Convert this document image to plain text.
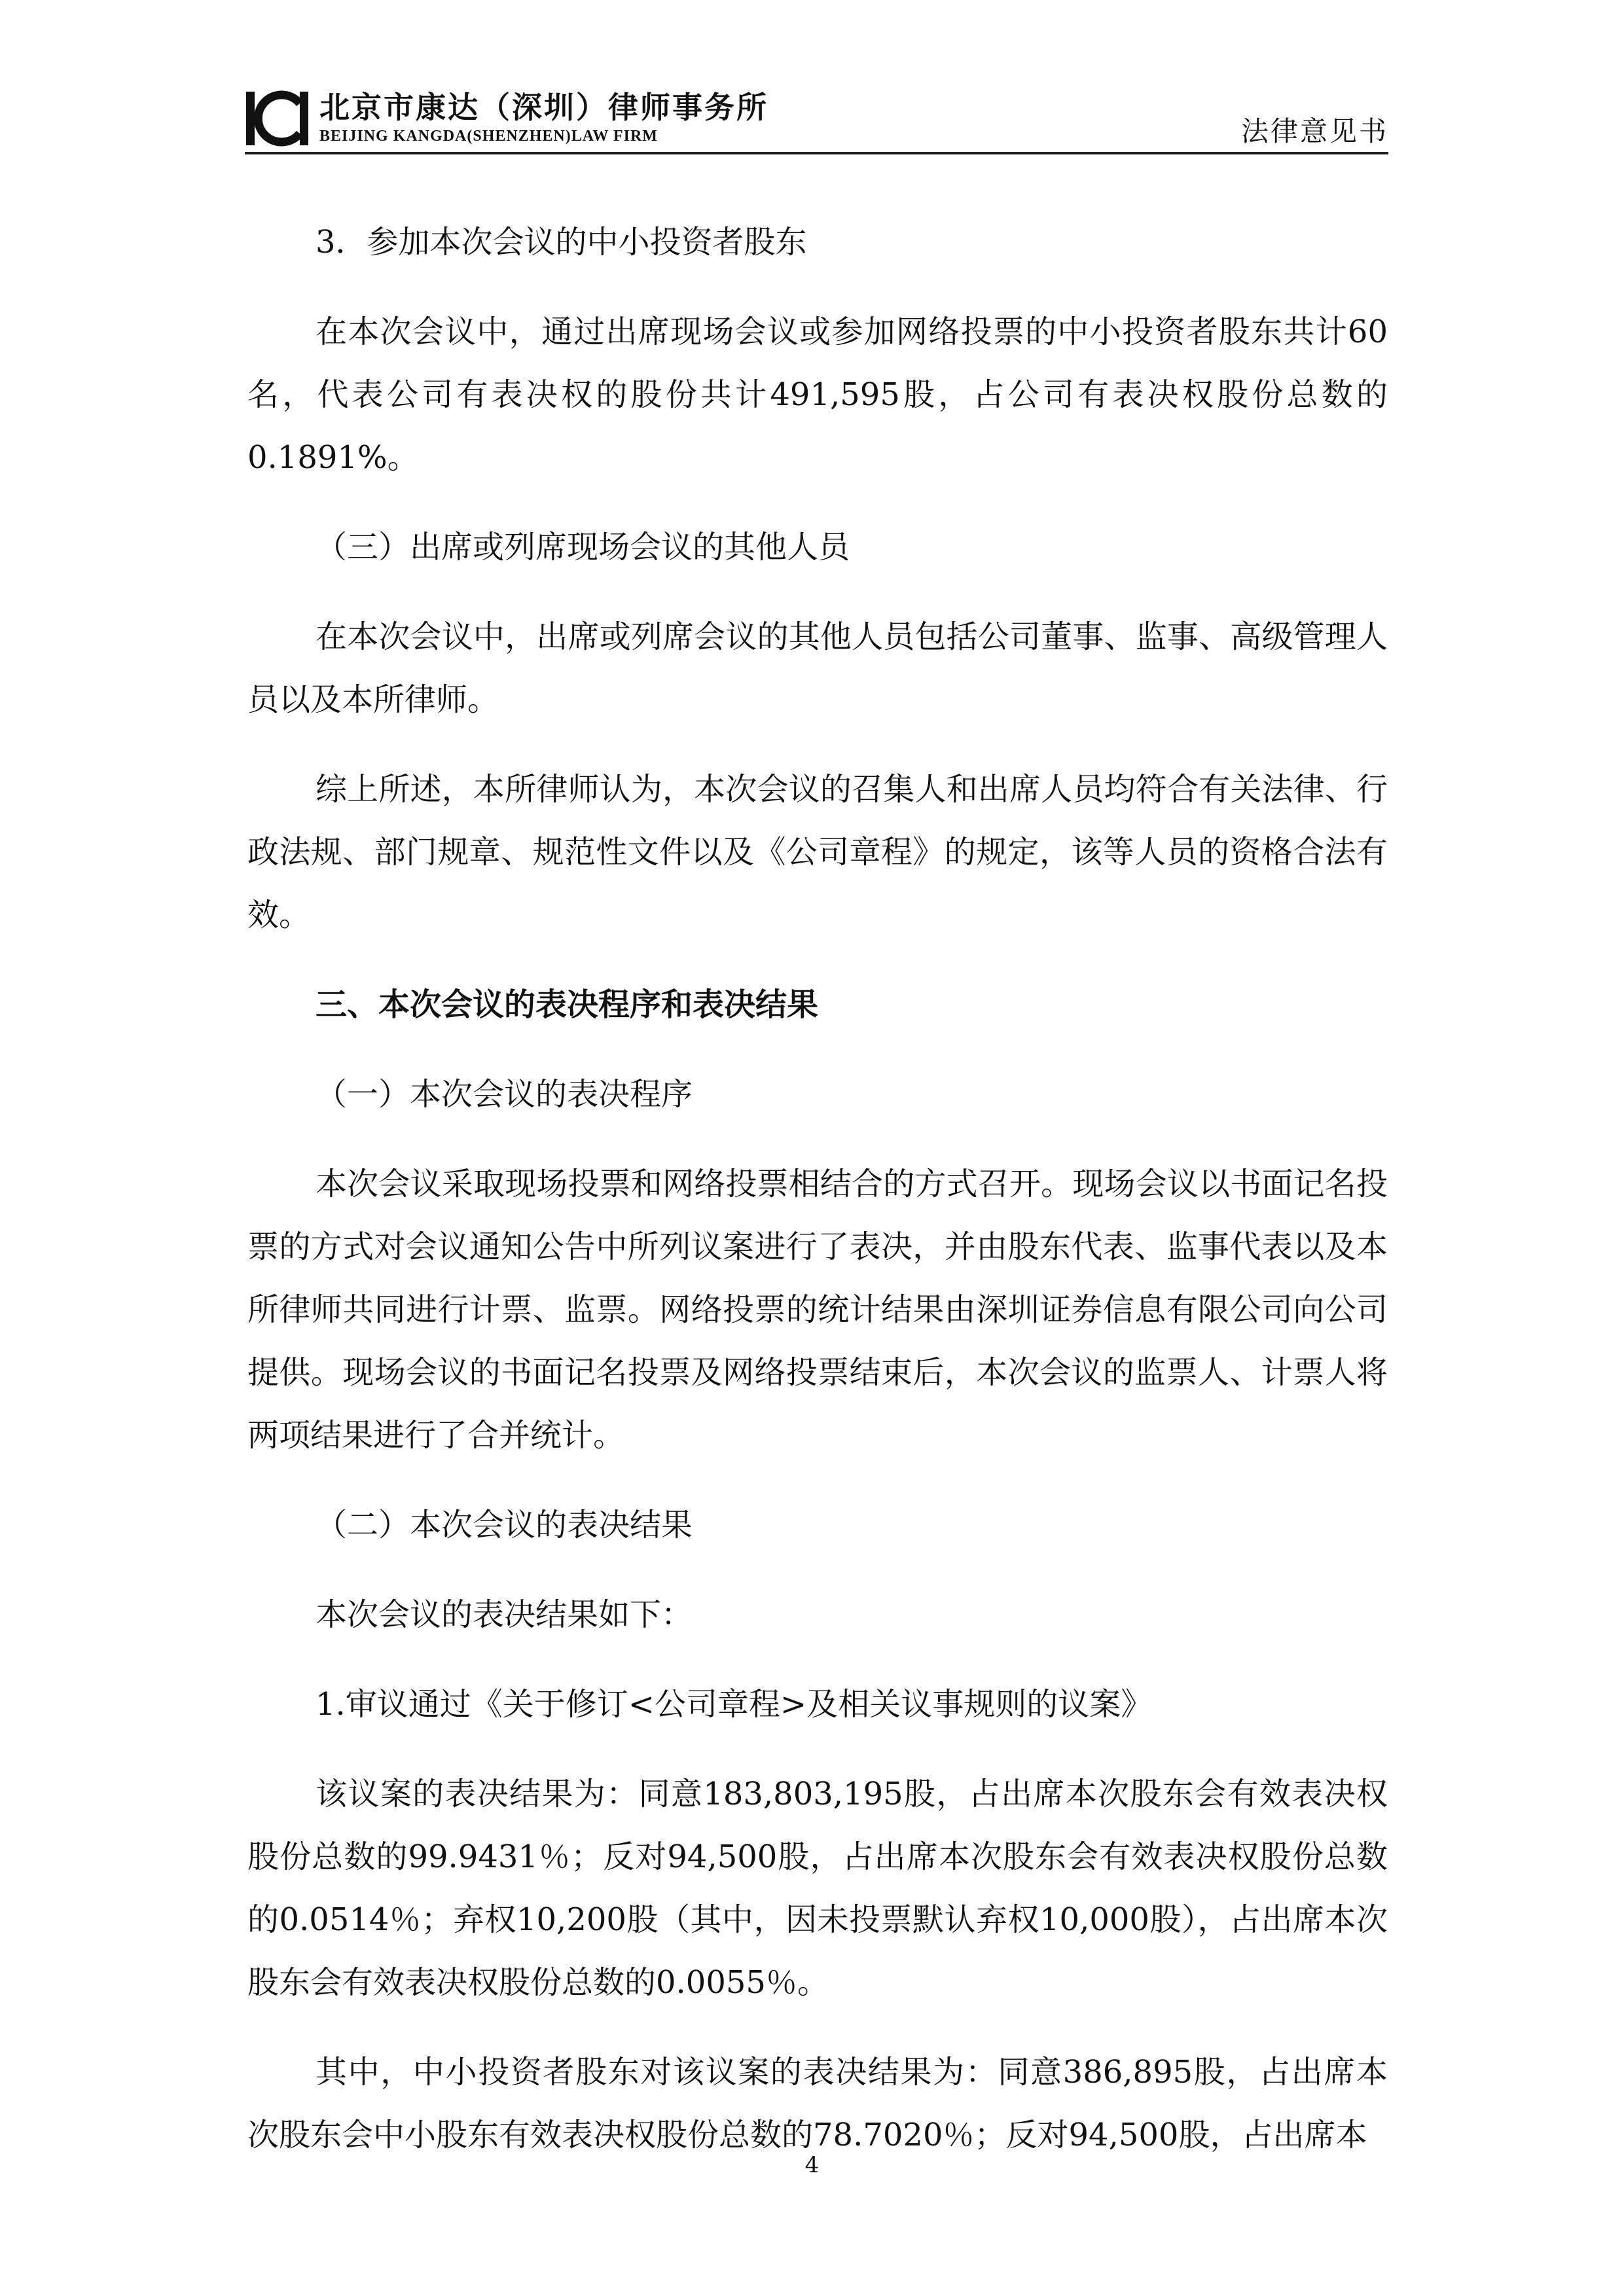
北京市康达（深圳）律师事务所
BEIJING KANGDA(SHENZHEN)LAW FIRM	法律意见书

3．参加本次会议的中小投资者股东

在本次会议中，通过出席现场会议或参加网络投票的中小投资者股东共计60名，代表公司有表决权的股份共计491,595股，占公司有表决权股份总数的0.1891%。

（三）出席或列席现场会议的其他人员

在本次会议中，出席或列席会议的其他人员包括公司董事、监事、高级管理人员以及本所律师。

综上所述，本所律师认为，本次会议的召集人和出席人员均符合有关法律、行政法规、部门规章、规范性文件以及《公司章程》的规定，该等人员的资格合法有效。

三、本次会议的表决程序和表决结果

（一）本次会议的表决程序

本次会议采取现场投票和网络投票相结合的方式召开。现场会议以书面记名投票的方式对会议通知公告中所列议案进行了表决，并由股东代表、监事代表以及本所律师共同进行计票、监票。网络投票的统计结果由深圳证券信息有限公司向公司提供。现场会议的书面记名投票及网络投票结束后，本次会议的监票人、计票人将两项结果进行了合并统计。

（二）本次会议的表决结果

本次会议的表决结果如下：

1.审议通过《关于修订<公司章程>及相关议事规则的议案》

该议案的表决结果为：同意183,803,195股，占出席本次股东会有效表决权股份总数的99.9431％；反对94,500股，占出席本次股东会有效表决权股份总数的0.0514％；弃权10,200股（其中，因未投票默认弃权10,000股），占出席本次股东会有效表决权股份总数的0.0055％。

其中，中小投资者股东对该议案的表决结果为：同意386,895股，占出席本次股东会中小股东有效表决权股份总数的78.7020％；反对94,500股，占出席本

4
